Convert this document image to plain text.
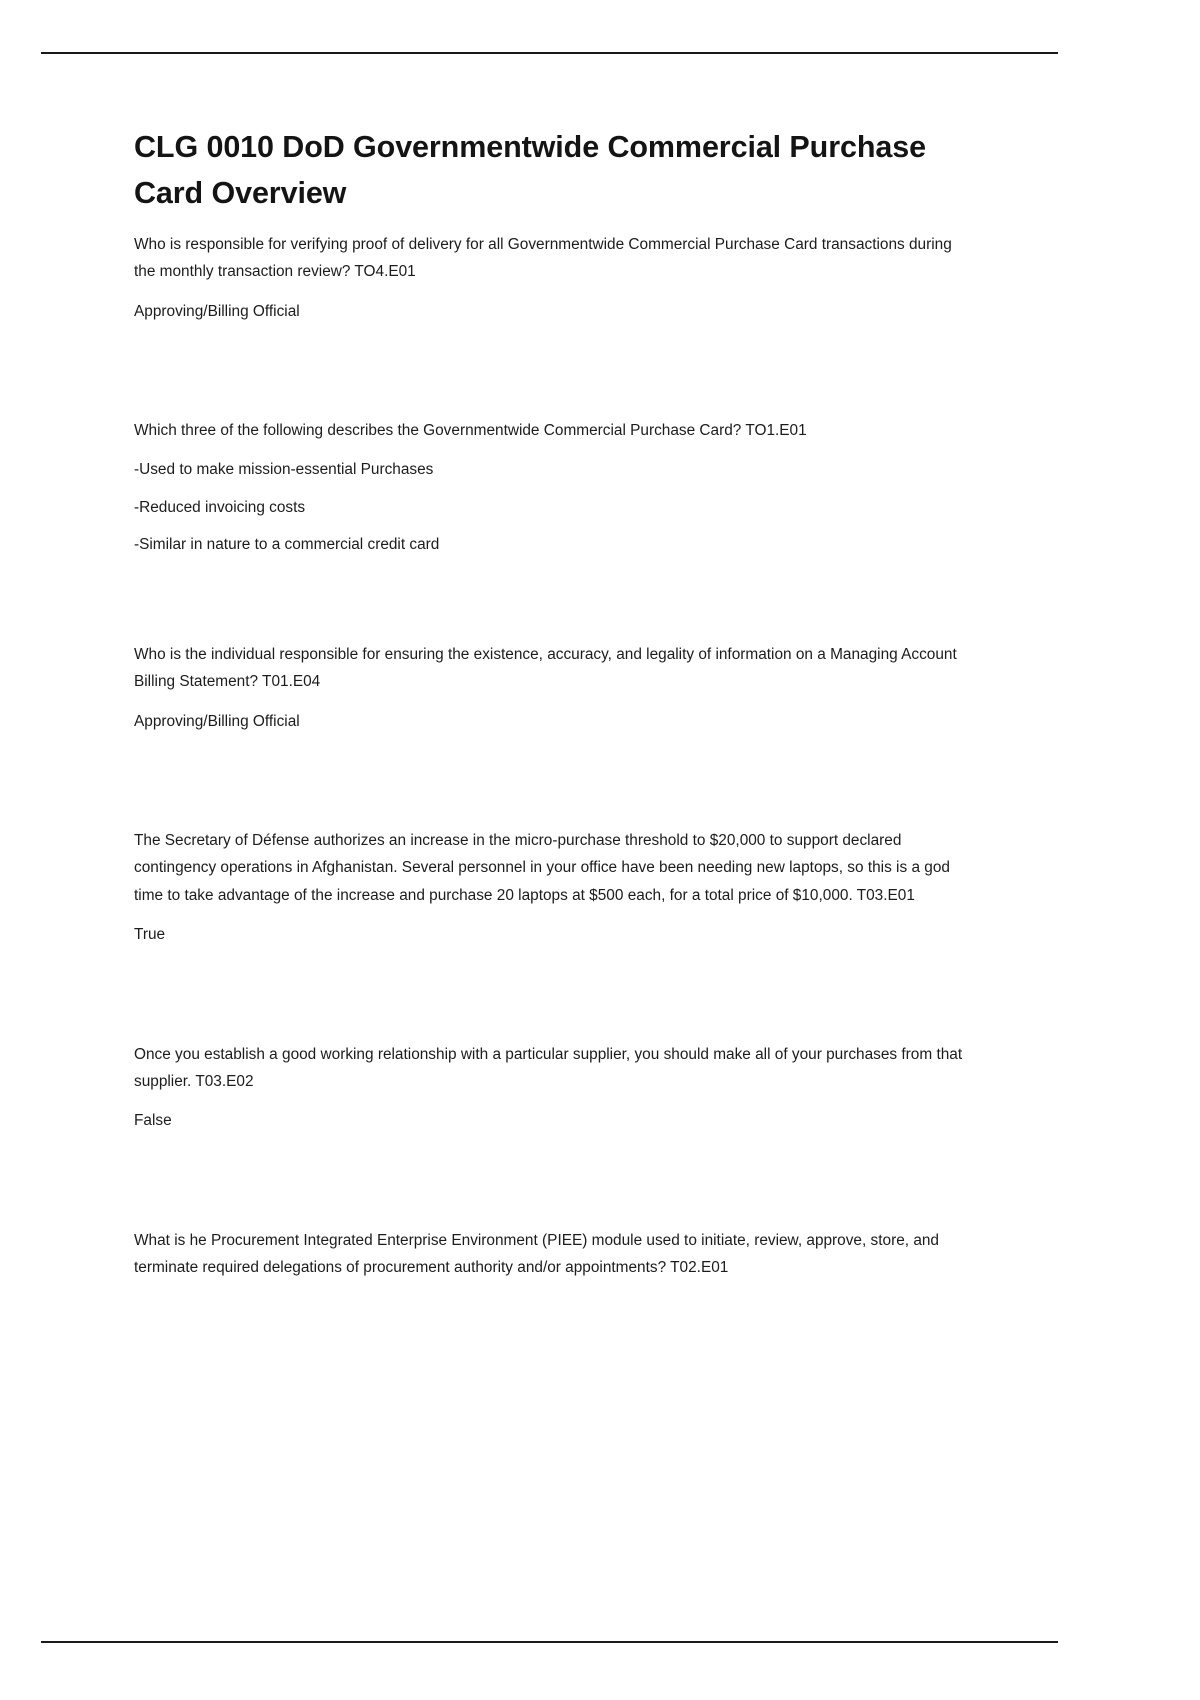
CLG 0010 DoD Governmentwide Commercial Purchase Card Overview

Who is responsible for verifying proof of delivery for all Governmentwide Commercial Purchase Card transactions during the monthly transaction review? TO4.E01

Approving/Billing Official

Which three of the following describes the Governmentwide Commercial Purchase Card? TO1.E01

-Used to make mission-essential Purchases

-Reduced invoicing costs

-Similar in nature to a commercial credit card

Who is the individual responsible for ensuring the existence, accuracy, and legality of information on a Managing Account Billing Statement? T01.E04

Approving/Billing Official

The Secretary of Défense authorizes an increase in the micro-purchase threshold to $20,000 to support declared contingency operations in Afghanistan. Several personnel in your office have been needing new laptops, so this is a god time to take advantage of the increase and purchase 20 laptops at $500 each, for a total price of $10,000. T03.E01

True

Once you establish a good working relationship with a particular supplier, you should make all of your purchases from that supplier. T03.E02

False

What is he Procurement Integrated Enterprise Environment (PIEE) module used to initiate, review, approve, store, and terminate required delegations of procurement authority and/or appointments? T02.E01
